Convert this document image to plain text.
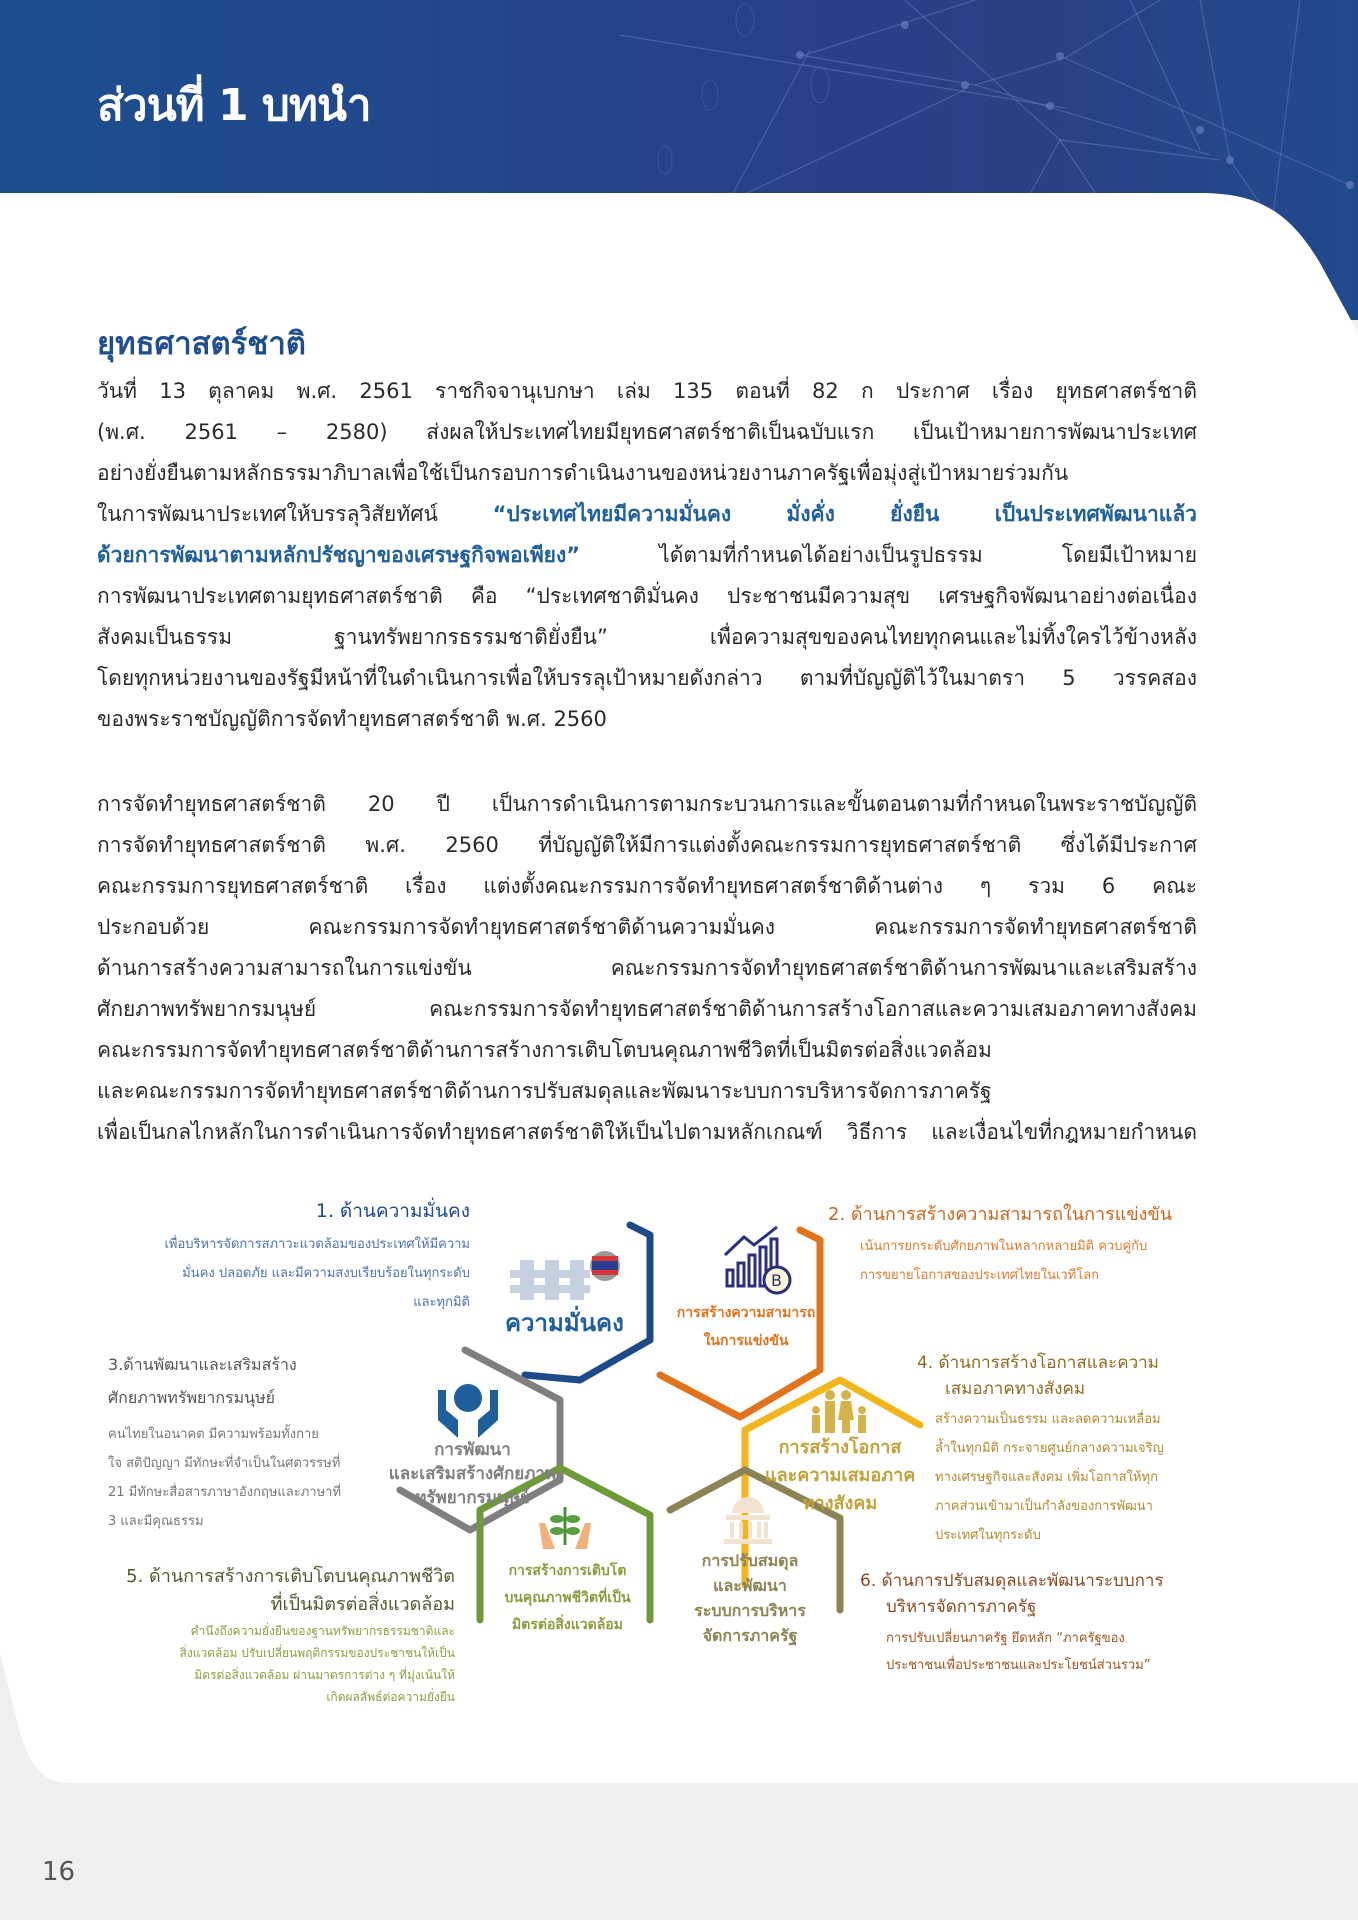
ส่วนที่ 1 บทนำ
ยุทธศาสตร์ชาติ
วันที่ 13 ตุลาคม พ.ศ. 2561 ราชกิจจานุเบกษา เล่ม 135 ตอนที่ 82 ก ประกาศ เรื่อง ยุทธศาสตร์ชาติ
(พ.ศ. 2561 – 2580) ส่งผลให้ประเทศไทยมียุทธศาสตร์ชาติเป็นฉบับแรก เป็นเป้าหมายการพัฒนาประเทศ
อย่างยั่งยืนตามหลักธรรมาภิบาลเพื่อใช้เป็นกรอบการดำเนินงานของหน่วยงานภาครัฐเพื่อมุ่งสู่เป้าหมายร่วมกัน
ในการพัฒนาประเทศให้บรรลุวิสัยทัศน์ “ประเทศไทยมีความมั่นคง มั่งคั่ง ยั่งยืน เป็นประเทศพัฒนาแล้ว
ด้วยการพัฒนาตามหลักปรัชญาของเศรษฐกิจพอเพียง” ได้ตามที่กำหนดได้อย่างเป็นรูปธรรม โดยมีเป้าหมาย
การพัฒนาประเทศตามยุทธศาสตร์ชาติ คือ “ประเทศชาติมั่นคง ประชาชนมีความสุข เศรษฐกิจพัฒนาอย่างต่อเนื่อง
สังคมเป็นธรรม ฐานทรัพยากรธรรมชาติยั่งยืน” เพื่อความสุขของคนไทยทุกคนและไม่ทิ้งใครไว้ข้างหลัง
โดยทุกหน่วยงานของรัฐมีหน้าที่ในดำเนินการเพื่อให้บรรลุเป้าหมายดังกล่าว ตามที่บัญญัติไว้ในมาตรา 5 วรรคสอง
ของพระราชบัญญัติการจัดทำยุทธศาสตร์ชาติ พ.ศ. 2560
การจัดทำยุทธศาสตร์ชาติ 20 ปี เป็นการดำเนินการตามกระบวนการและขั้นตอนตามที่กำหนดในพระราชบัญญัติ
การจัดทำยุทธศาสตร์ชาติ พ.ศ. 2560 ที่บัญญัติให้มีการแต่งตั้งคณะกรรมการยุทธศาสตร์ชาติ ซึ่งได้มีประกาศ
คณะกรรมการยุทธศาสตร์ชาติ เรื่อง แต่งตั้งคณะกรรมการจัดทำยุทธศาสตร์ชาติด้านต่าง ๆ รวม 6 คณะ
ประกอบด้วย คณะกรรมการจัดทำยุทธศาสตร์ชาติด้านความมั่นคง คณะกรรมการจัดทำยุทธศาสตร์ชาติ
ด้านการสร้างความสามารถในการแข่งขัน คณะกรรมการจัดทำยุทธศาสตร์ชาติด้านการพัฒนาและเสริมสร้าง
ศักยภาพทรัพยากรมนุษย์ คณะกรรมการจัดทำยุทธศาสตร์ชาติด้านการสร้างโอกาสและความเสมอภาคทางสังคม
คณะกรรมการจัดทำยุทธศาสตร์ชาติด้านการสร้างการเติบโตบนคุณภาพชีวิตที่เป็นมิตรต่อสิ่งแวดล้อม
และคณะกรรมการจัดทำยุทธศาสตร์ชาติด้านการปรับสมดุลและพัฒนาระบบการบริหารจัดการภาครัฐ
เพื่อเป็นกลไกหลักในการดำเนินการจัดทำยุทธศาสตร์ชาติให้เป็นไปตามหลักเกณฑ์ วิธีการ และเงื่อนไขที่กฎหมายกำหนด
B
ความมั่นคง	การสร้างความสามารถ
ในการแข่งขัน
การพัฒนา
และเสริมสร้างศักยภาพ
ทรัพยากรมนุษย์
การสร้างโอกาส
และความเสมอภาค
ทางสังคม
การสร้างการเติบโต
บนคุณภาพชีวิตที่เป็น
มิตรต่อสิ่งแวดล้อม
การปรับสมดุล
และพัฒนา
ระบบการบริหาร
จัดการภาครัฐ
1. ด้านความมั่นคง
เพื่อบริหารจัดการสภาวะแวดล้อมของประเทศให้มีความ
มั่นคง ปลอดภัย และมีความสงบเรียบร้อยในทุกระดับ
และทุกมิติ
2. ด้านการสร้างความสามารถในการแข่งขัน
เน้นการยกระดับศักยภาพในหลากหลายมิติ ควบคู่กับ
การขยายโอกาสของประเทศไทยในเวทีโลก
3.ด้านพัฒนาและเสริมสร้าง
ศักยภาพทรัพยากรมนุษย์
คนไทยในอนาคต มีความพร้อมทั้งกาย
ใจ สติปัญญา มีทักษะที่จำเป็นในศตวรรษที่
21 มีทักษะสื่อสารภาษาอังกฤษและภาษาที่
3 และมีคุณธรรม
4. ด้านการสร้างโอกาสและความ
เสมอภาคทางสังคม
สร้างความเป็นธรรม และลดความเหลื่อม
ล้ำในทุกมิติ กระจายศูนย์กลางความเจริญ
ทางเศรษฐกิจและสังคม เพิ่มโอกาสให้ทุก
ภาคส่วนเข้ามาเป็นกำลังของการพัฒนา
ประเทศในทุกระดับ
5. ด้านการสร้างการเติบโตบนคุณภาพชีวิต
ที่เป็นมิตรต่อสิ่งแวดล้อม
คำนึงถึงความยั่งยืนของฐานทรัพยากรธรรมชาติและ
สิ่งแวดล้อม ปรับเปลี่ยนพฤติกรรมของประชาชนให้เป็น
มิตรต่อสิ่งแวดล้อม ผ่านมาตรการต่าง ๆ ที่มุ่งเน้นให้
เกิดผลลัพธ์ต่อความยั่งยืน
6. ด้านการปรับสมดุลและพัฒนาระบบการ
บริหารจัดการภาครัฐ
การปรับเปลี่ยนภาครัฐ ยึดหลัก “ภาครัฐของ
ประชาชนเพื่อประชาชนและประโยชน์ส่วนรวม”
16
